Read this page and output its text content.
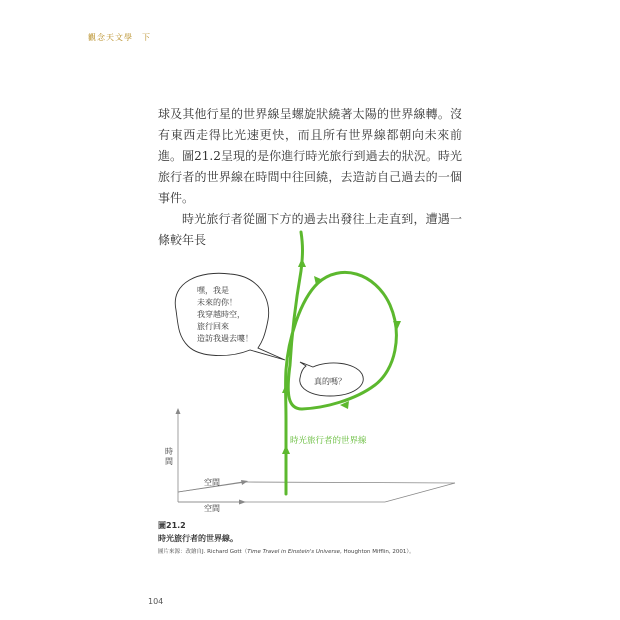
觀念天文學　下

球及其他行星的世界線呈螺旋狀繞著太陽的世界線轉。沒有東西走得比光速更快，而且所有世界線都朝向未來前進。圖21.2呈現的是你進行時光旅行到過去的狀況。時光旅行者的世界線在時間中往回繞，去造訪自己過去的一個事件。

時光旅行者從圖下方的過去出發往上走直到，遭遇一條較年長

時
間
空間
空間
嘿，我是
未來的你！
我穿越時空，
旅行回來
造訪我過去嘍！
真的嗎？
時光旅行者的世界線
圖21.2
時光旅行者的世界線。
圖片來源：改繪自J. Richard Gott（Time Travel in Einstein's Universe, Houghton Mifflin, 2001）。
104
